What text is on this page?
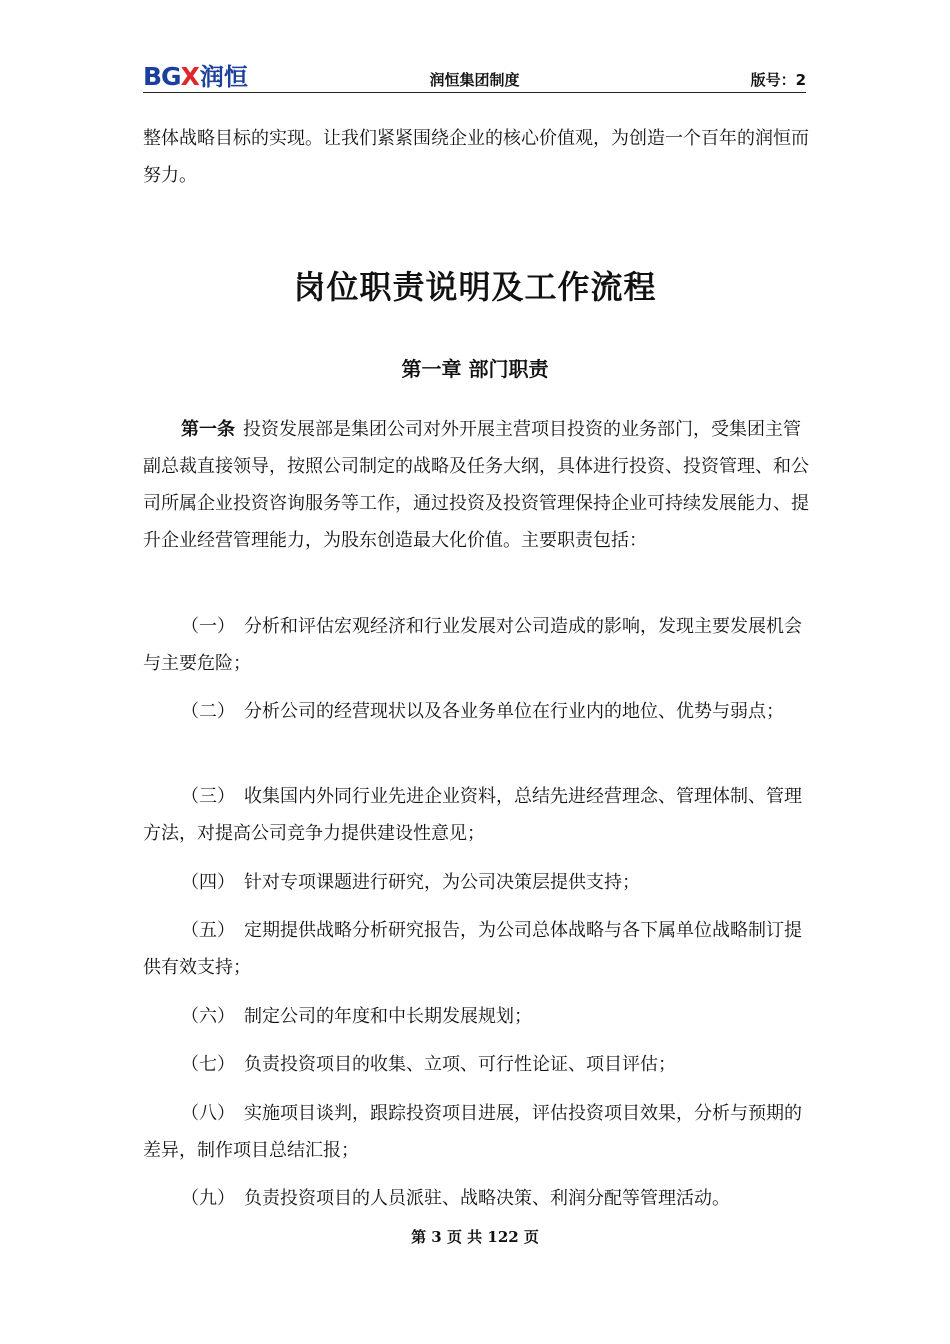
BGX 润恒	润恒集团制度	版号：2
整体战略目标的实现。让我们紧紧围绕企业的核心价值观，为创造一个百年的润恒而努力。
岗位职责说明及工作流程
第一章 部门职责
第一条 投资发展部是集团公司对外开展主营项目投资的业务部门，受集团主管副总裁直接领导，按照公司制定的战略及任务大纲，具体进行投资、投资管理、和公司所属企业投资咨询服务等工作，通过投资及投资管理保持企业可持续发展能力、提升企业经营管理能力，为股东创造最大化价值。主要职责包括：
（一） 分析和评估宏观经济和行业发展对公司造成的影响，发现主要发展机会与主要危险；
（二） 分析公司的经营现状以及各业务单位在行业内的地位、优势与弱点；
（三） 收集国内外同行业先进企业资料，总结先进经营理念、管理体制、管理方法，对提高公司竞争力提供建设性意见；
（四） 针对专项课题进行研究，为公司决策层提供支持；
（五） 定期提供战略分析研究报告，为公司总体战略与各下属单位战略制订提供有效支持；
（六） 制定公司的年度和中长期发展规划；
（七） 负责投资项目的收集、立项、可行性论证、项目评估；
（八） 实施项目谈判，跟踪投资项目进展，评估投资项目效果，分析与预期的差异，制作项目总结汇报；
（九） 负责投资项目的人员派驻、战略决策、利润分配等管理活动。
第 3 页 共 122 页
